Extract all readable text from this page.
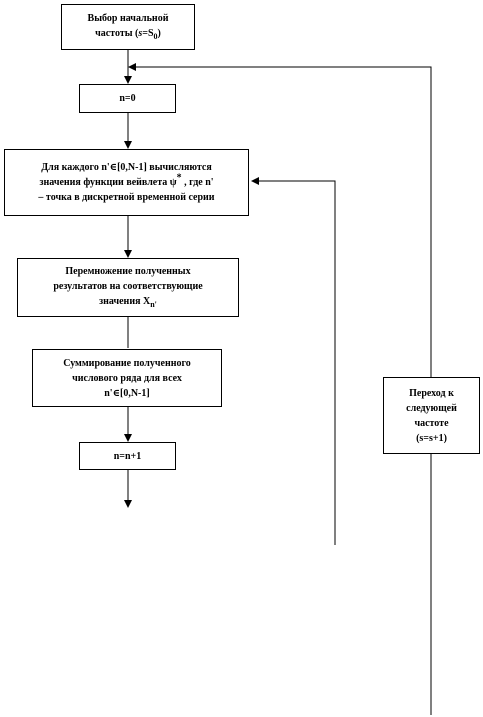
Выбор начальной
частоты $(s=S_0)$
n=0
Для каждого n'∈[0,N-1] вычисляются
значения функции вейвлета ψ* , где n'
– точка в дискретной временной серии
Перемножение полученных
результатов на соответствующие
значения $X_{n'}$
Суммирование полученного
числового ряда для всех
n'∈[0,N-1]
n=n+1
Переход к
следующей
частоте
(s=s+1)
